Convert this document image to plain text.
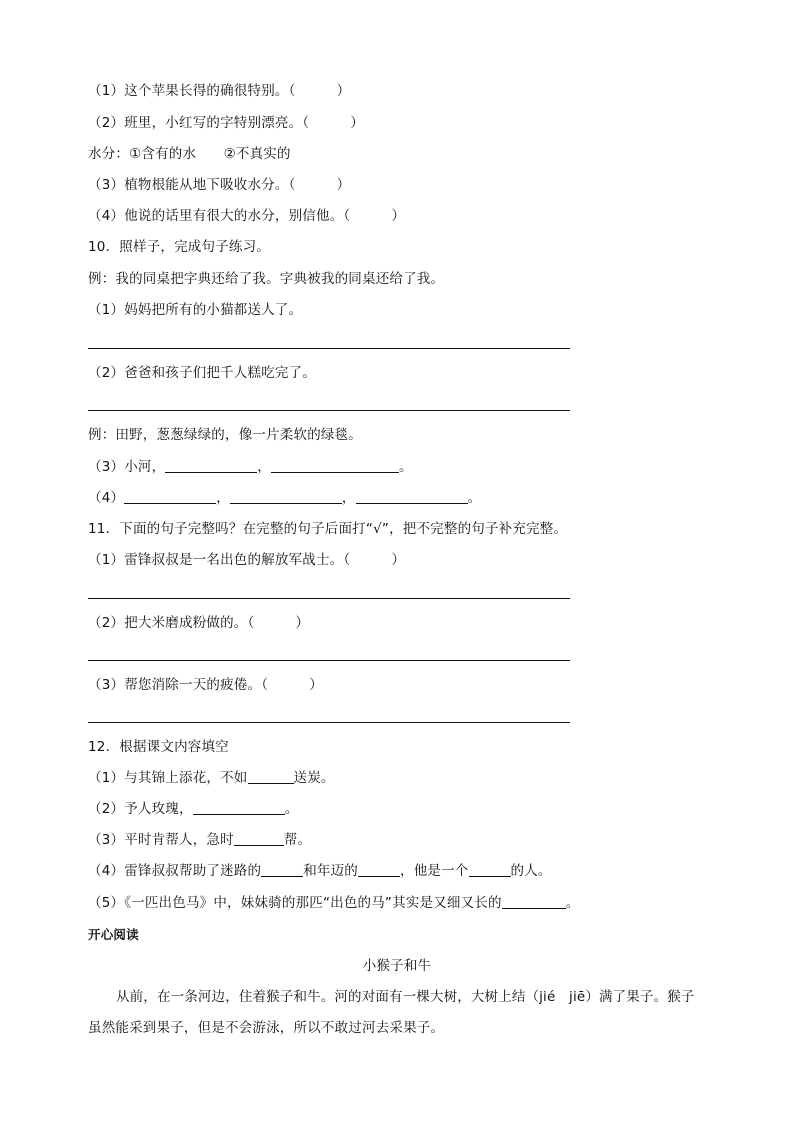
（1）这个苹果长得的确很特别。（　　　）
（2）班里，小红写的字特别漂亮。（　　　）
水分：①含有的水　　②不真实的
（3）植物根能从地下吸收水分。（　　　）
（4）他说的话里有很大的水分，别信他。（　　　）
10．照样子，完成句子练习。
例：我的同桌把字典还给了我。字典被我的同桌还给了我。
（1）妈妈把所有的小猫都送人了。
（2）爸爸和孩子们把千人糕吃完了。
例：田野，葱葱绿绿的，像一片柔软的绿毯。
（3）小河，	，	。
（4）	，	，	。
11．下面的句子完整吗？在完整的句子后面打“√”，把不完整的句子补充完整。
（1）雷锋叔叔是一名出色的解放军战士。（　　　）
（2）把大米磨成粉做的。（　　　）
（3）帮您消除一天的疲倦。（　　　）
12．根据课文内容填空
（1）与其锦上添花，不如	送炭。
（2）予人玫瑰，	。
（3）平时肯帮人，急时	帮。
（4）雷锋叔叔帮助了迷路的	和年迈的	，他是一个	的人。
（5）《一匹出色马》中，妹妹骑的那匹“出色的马”其实是又细又长的	。
开心阅读
小猴子和牛
从前，在一条河边，住着猴子和牛。河的对面有一棵大树，大树上结（jié　jiē）满了果子。猴子
虽然能采到果子，但是不会游泳，所以不敢过河去采果子。
